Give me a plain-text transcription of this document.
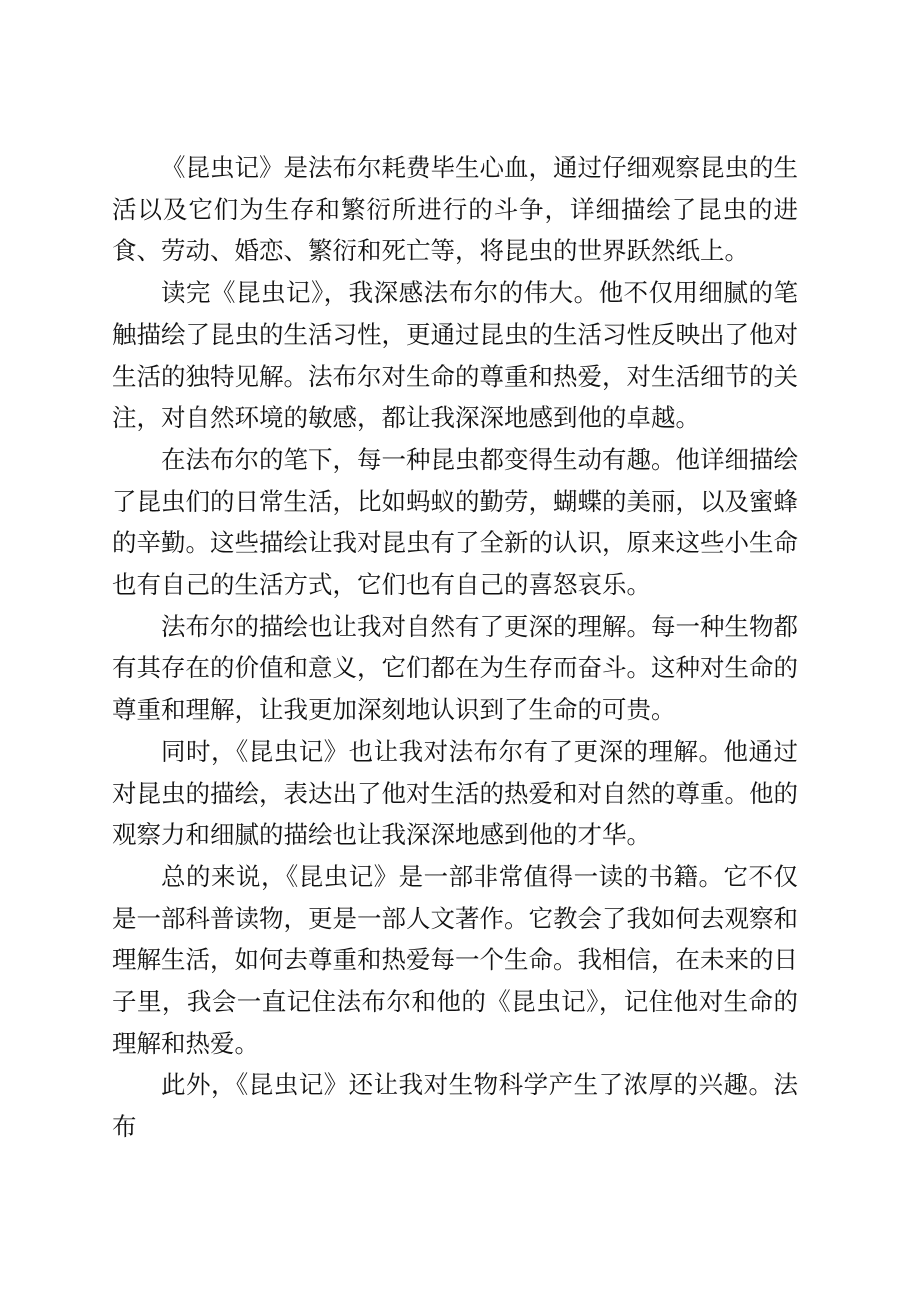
《昆虫记》是法布尔耗费毕生心血，通过仔细观察昆虫的生活以及它们为生存和繁衍所进行的斗争，详细描绘了昆虫的进食、劳动、婚恋、繁衍和死亡等，将昆虫的世界跃然纸上。

读完《昆虫记》，我深感法布尔的伟大。他不仅用细腻的笔触描绘了昆虫的生活习性，更通过昆虫的生活习性反映出了他对生活的独特见解。法布尔对生命的尊重和热爱，对生活细节的关注，对自然环境的敏感，都让我深深地感到他的卓越。

在法布尔的笔下，每一种昆虫都变得生动有趣。他详细描绘了昆虫们的日常生活，比如蚂蚁的勤劳，蝴蝶的美丽，以及蜜蜂的辛勤。这些描绘让我对昆虫有了全新的认识，原来这些小生命也有自己的生活方式，它们也有自己的喜怒哀乐。

法布尔的描绘也让我对自然有了更深的理解。每一种生物都有其存在的价值和意义，它们都在为生存而奋斗。这种对生命的尊重和理解，让我更加深刻地认识到了生命的可贵。

同时，《昆虫记》也让我对法布尔有了更深的理解。他通过对昆虫的描绘，表达出了他对生活的热爱和对自然的尊重。他的观察力和细腻的描绘也让我深深地感到他的才华。

总的来说，《昆虫记》是一部非常值得一读的书籍。它不仅是一部科普读物，更是一部人文著作。它教会了我如何去观察和理解生活，如何去尊重和热爱每一个生命。我相信，在未来的日子里，我会一直记住法布尔和他的《昆虫记》，记住他对生命的理解和热爱。

此外，《昆虫记》还让我对生物科学产生了浓厚的兴趣。法布
